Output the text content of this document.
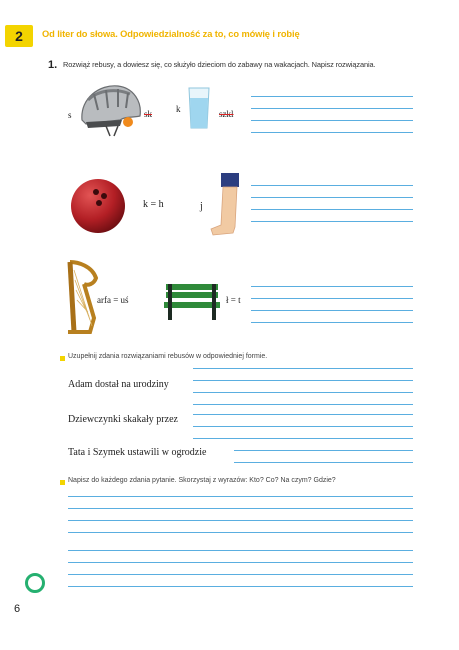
2	Od liter do słowa. Odpowiedzialność za to, co mówię i robię
1. Rozwiąż rebusy, a dowiesz się, co służyło dzieciom do zabawy na wakacjach. Napisz rozwiązania.
s	sk	k	szkl
k = h	j
arfa = uś	ł = t
Uzupełnij zdania rozwiązaniami rebusów w odpowiedniej formie.
Adam dostał na urodziny
Dziewczynki skakały przez
Tata i Szymek ustawili w ogrodzie
Napisz do każdego zdania pytanie. Skorzystaj z wyrazów: Kto? Co? Na czym? Gdzie?
6
